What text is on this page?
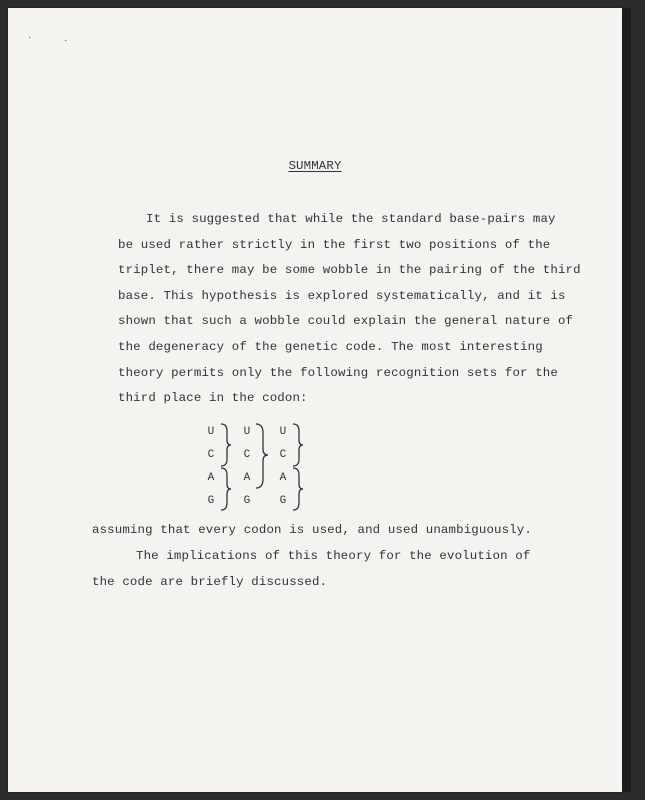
·	·
SUMMARY
It is suggested that while the standard base-pairs may
be used rather strictly in the first two positions of the
triplet, there may be some wobble in the pairing of the third
base. This hypothesis is explored systematically, and it is
shown that such a wobble could explain the general nature of
the degeneracy of the genetic code. The most interesting
theory permits only the following recognition sets for the
third place in the codon:
U
C
A
G
U
C
A
G
U
C
A
G
assuming that every codon is used, and used unambiguously.
The implications of this theory for the evolution of
the code are briefly discussed.
